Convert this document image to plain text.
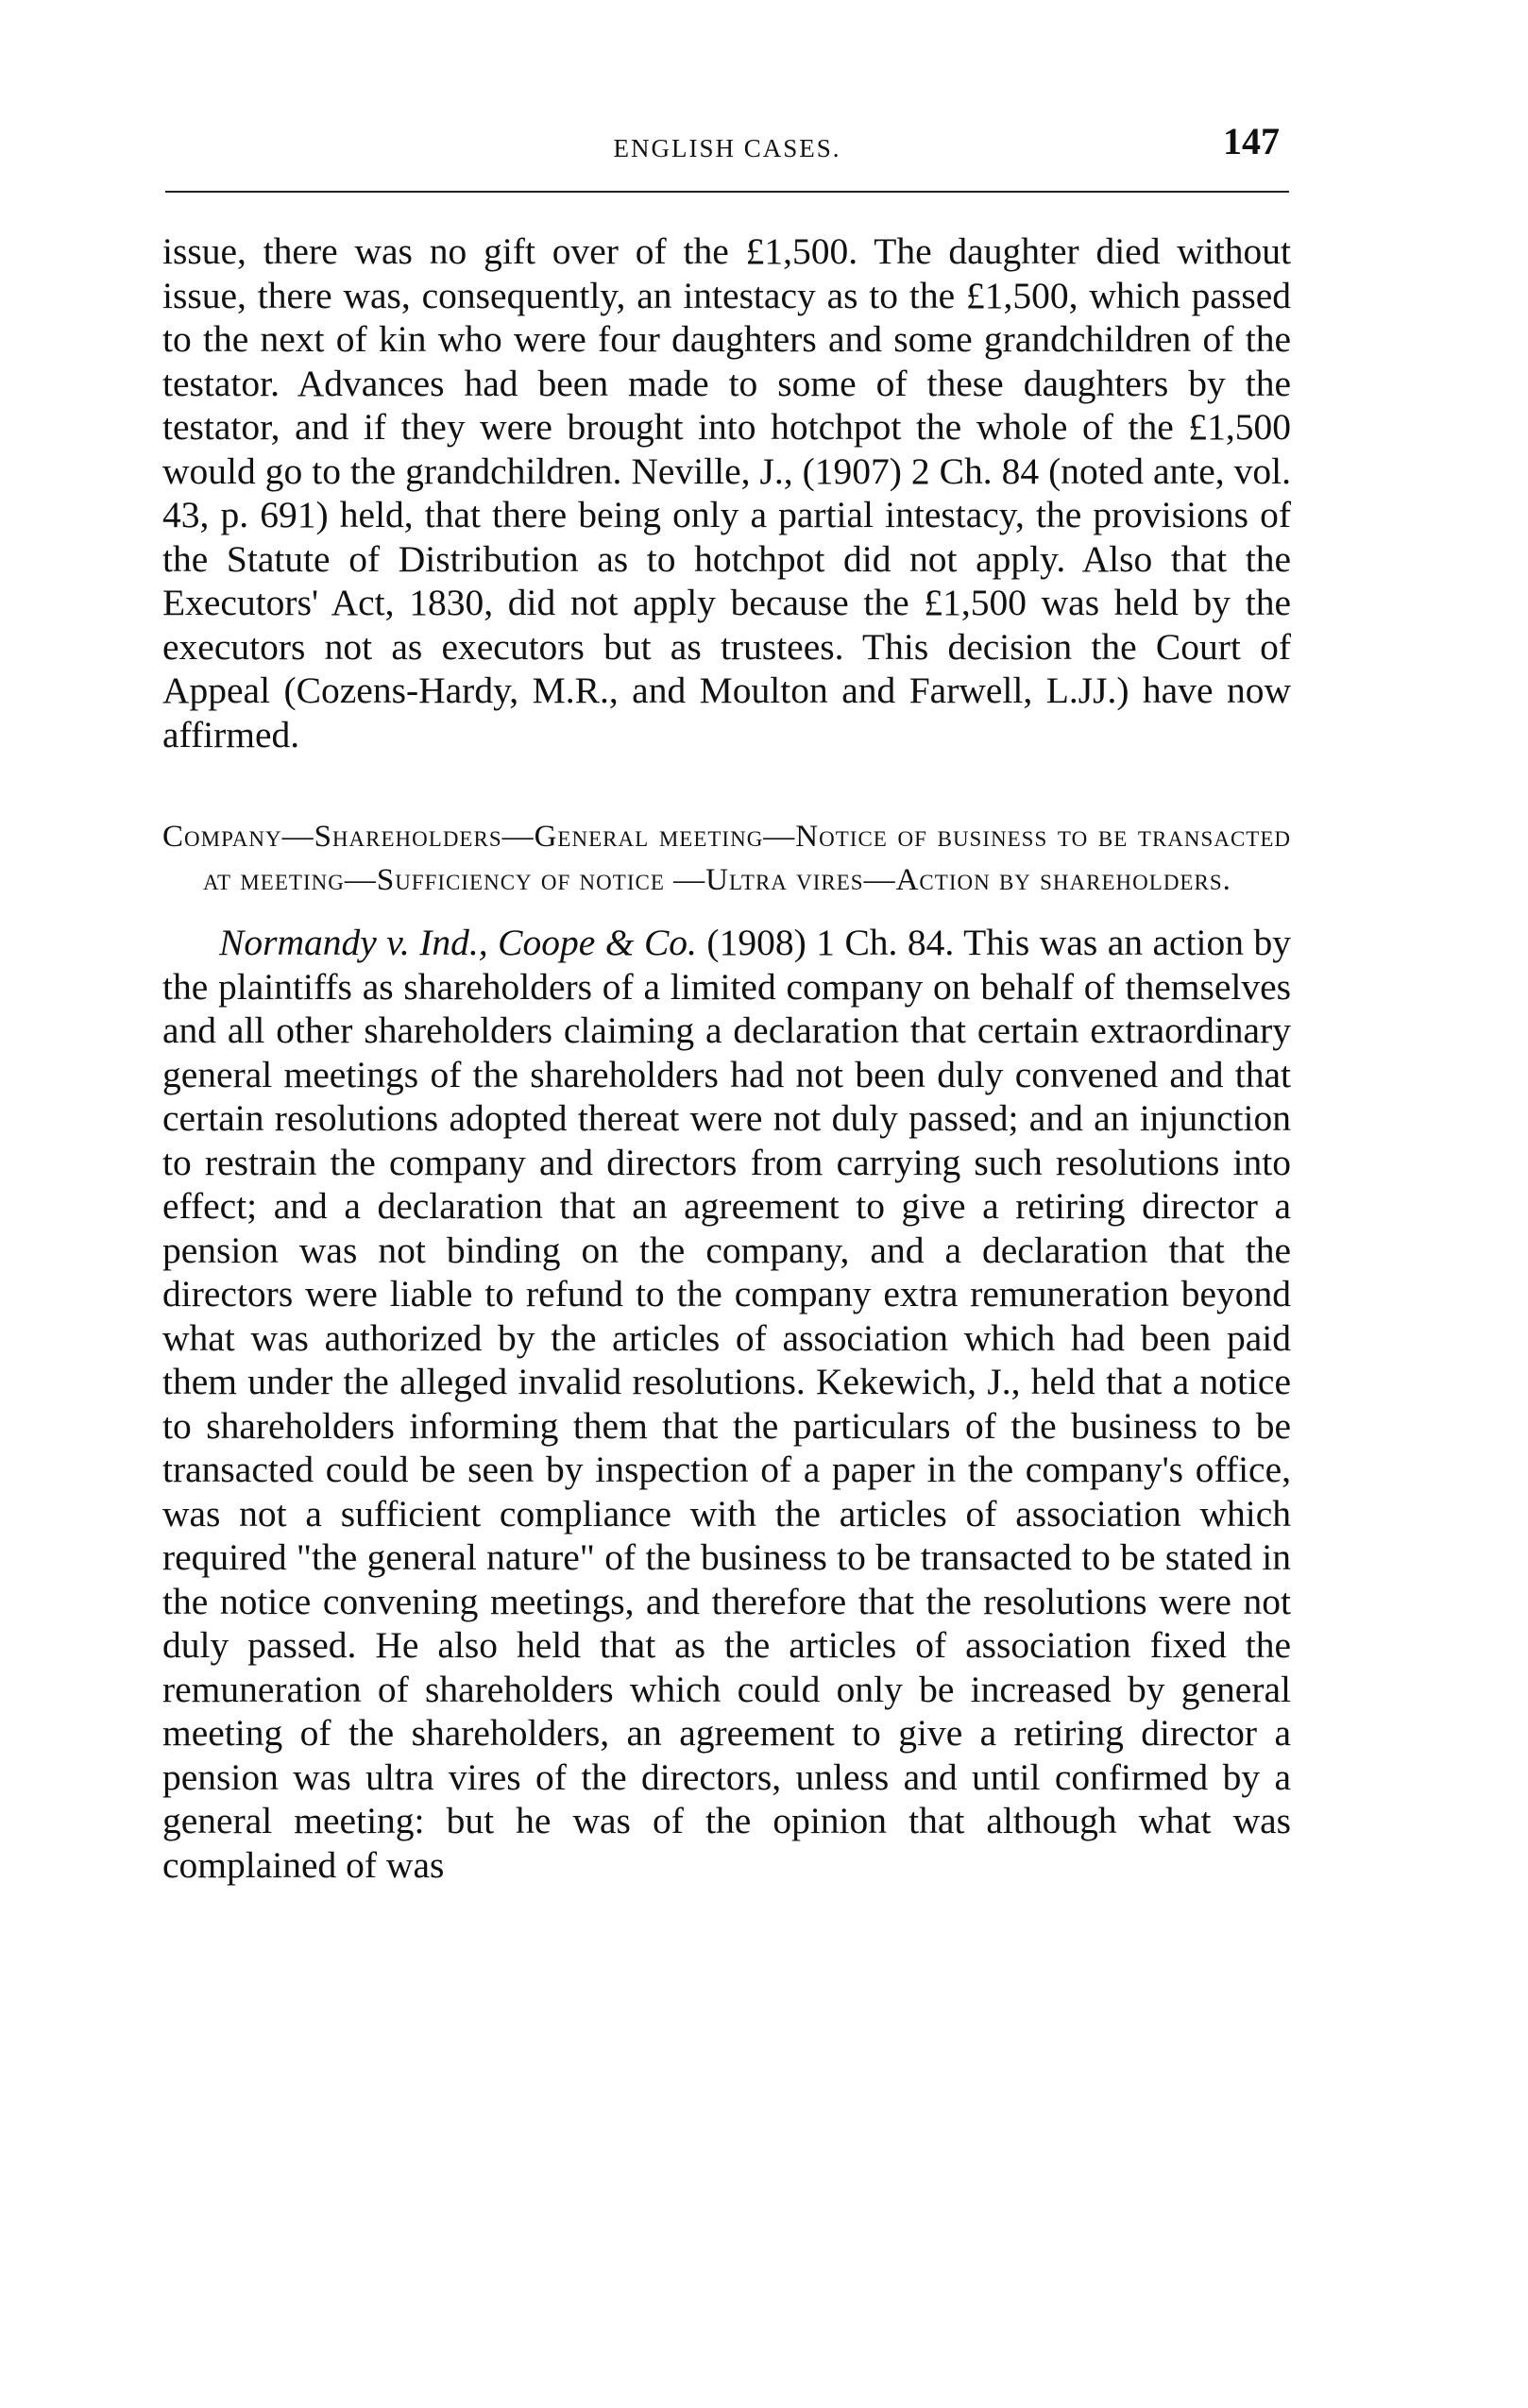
ENGLISH CASES.	147

issue, there was no gift over of the £1,500. The daughter died without issue, there was, consequently, an intestacy as to the £1,500, which passed to the next of kin who were four daughters and some grandchildren of the testator. Advances had been made to some of these daughters by the testator, and if they were brought into hotchpot the whole of the £1,500 would go to the grandchildren. Neville, J., (1907) 2 Ch. 84 (noted ante, vol. 43, p. 691) held, that there being only a partial intestacy, the provisions of the Statute of Distribution as to hotchpot did not apply. Also that the Executors' Act, 1830, did not apply because the £1,500 was held by the executors not as executors but as trustees. This decision the Court of Appeal (Cozens-Hardy, M.R., and Moulton and Farwell, L.JJ.) have now affirmed.

Company—Shareholders—General meeting—Notice of business to be transacted at meeting—Sufficiency of notice —Ultra vires—Action by shareholders.

Normandy v. Ind., Coope & Co. (1908) 1 Ch. 84. This was an action by the plaintiffs as shareholders of a limited company on behalf of themselves and all other shareholders claiming a declaration that certain extraordinary general meetings of the shareholders had not been duly convened and that certain resolutions adopted thereat were not duly passed; and an injunction to restrain the company and directors from carrying such resolutions into effect; and a declaration that an agreement to give a retiring director a pension was not binding on the company, and a declaration that the directors were liable to refund to the company extra remuneration beyond what was authorized by the articles of association which had been paid them under the alleged invalid resolutions. Kekewich, J., held that a notice to shareholders informing them that the particulars of the business to be transacted could be seen by inspection of a paper in the company's office, was not a sufficient compliance with the articles of association which required "the general nature" of the business to be transacted to be stated in the notice convening meetings, and therefore that the resolutions were not duly passed. He also held that as the articles of association fixed the remuneration of shareholders which could only be increased by general meeting of the shareholders, an agreement to give a retiring director a pension was ultra vires of the directors, unless and until confirmed by a general meeting: but he was of the opinion that although what was complained of was
